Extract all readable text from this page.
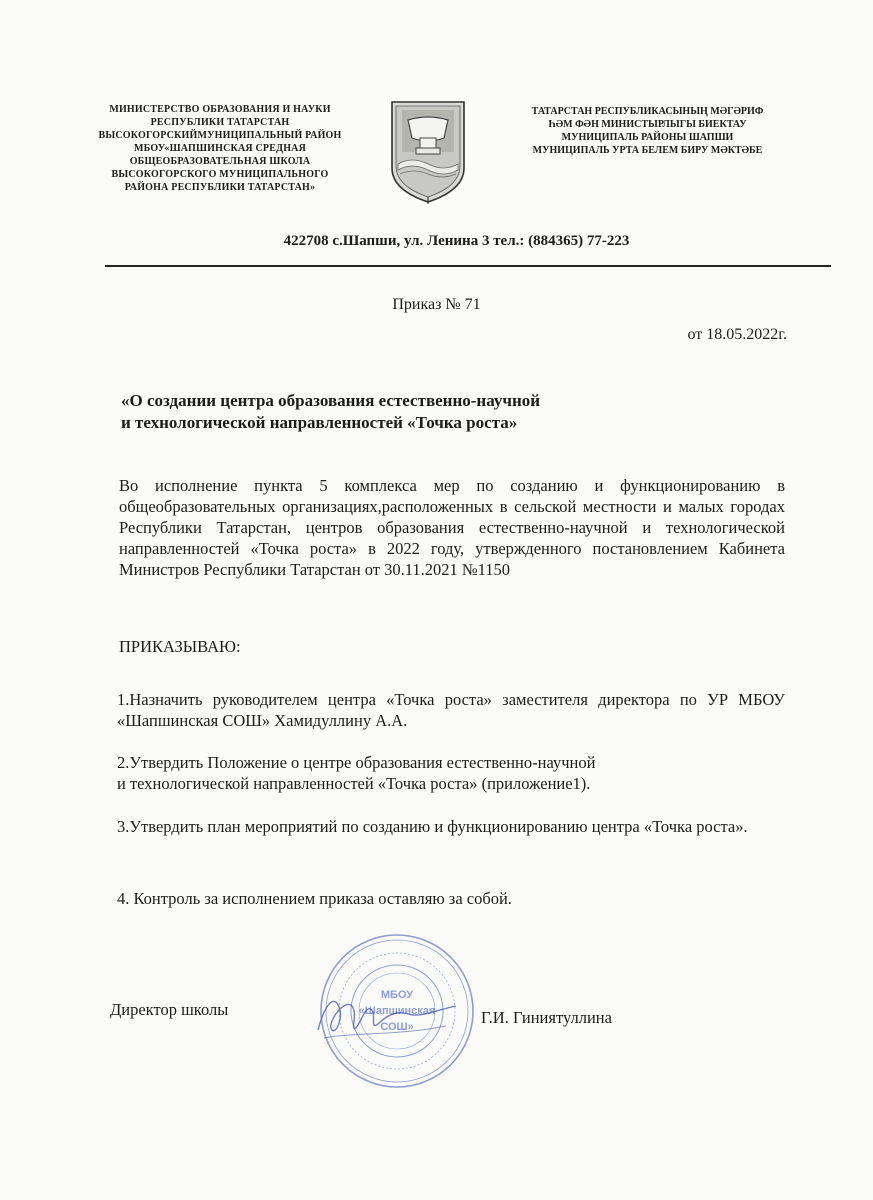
МИНИСТЕРСТВО ОБРАЗОВАНИЯ И НАУКИ
РЕСПУБЛИКИ ТАТАРСТАН
ВЫСОКОГОРСКИЙМУНИЦИПАЛЬНЫЙ РАЙОН
МБОУ«ШАПШИНСКАЯ СРЕДНАЯ
ОБЩЕОБРАЗОВАТЕЛЬНАЯ ШКОЛА
ВЫСОКОГОРСКОГО МУНИЦИПАЛЬНОГО
РАЙОНА РЕСПУБЛИКИ ТАТАРСТАН»
ТАТАРСТАН РЕСПУБЛИКАСЫНЫҢ МӘГӘРИФ
ҺӘМ ФӘН МИНИСТЫРЛЫГЫ БИЕКТАУ
МУНИЦИПАЛЬ РАЙОНЫ ШАПШИ
МУНИЦИПАЛЬ УРТА БЕЛЕМ БИРУ МӘКТӘБЕ
422708 с.Шапши, ул. Ленина 3 тел.: (884365) 77-223
Приказ № 71
от 18.05.2022г.
«О создании центра образования естественно-научной
и технологической направленностей «Точка роста»
Во исполнение пункта 5 комплекса мер по созданию и функционированию в общеобразовательных организациях,расположенных в сельской местности и малых городах Республики Татарстан, центров образования естественно-научной и технологической направленностей «Точка роста» в 2022 году, утвержденного постановлением Кабинета Министров Республики Татарстан от 30.11.2021 №1150
ПРИКАЗЫВАЮ:
1.Назначить руководителем центра «Точка роста» заместителя директора по УР МБОУ «Шапшинская СОШ» Хамидуллину А.А.
2.Утвердить Положение о центре образования естественно-научной
и технологической направленностей «Точка роста» (приложение1).
3.Утвердить план мероприятий по созданию и функционированию центра «Точка роста».
4. Контроль за исполнением приказа оставляю за собой.
Директор школы
МБОУ
«Шапшинская
СОШ»	Г.И. Гиниятуллина
